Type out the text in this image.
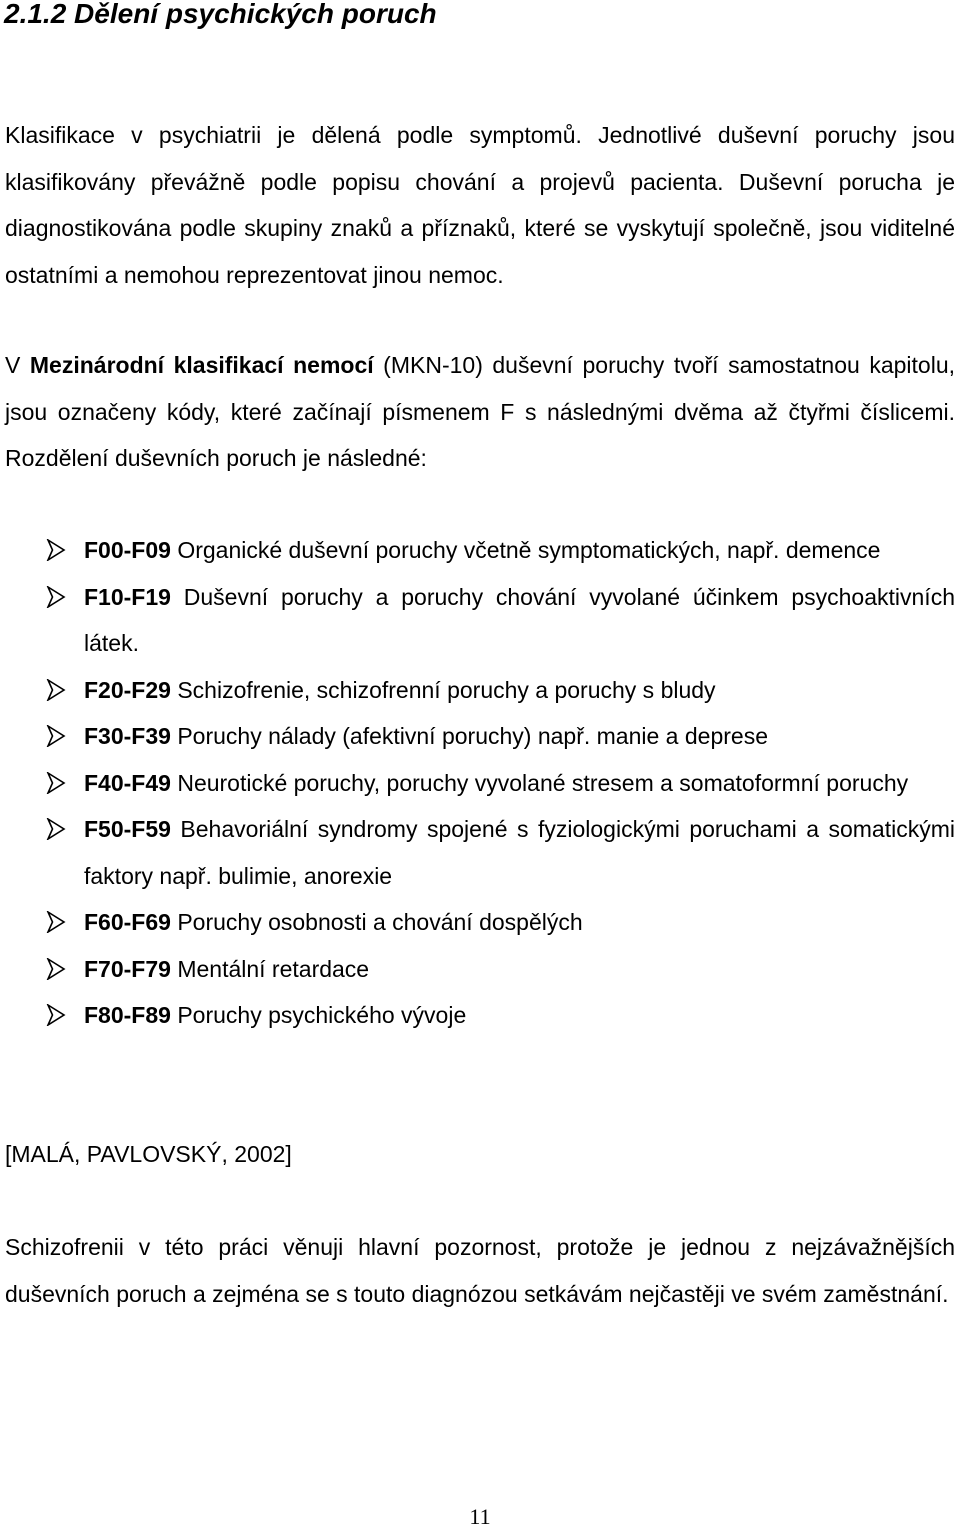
2.1.2 Dělení psychických poruch

Klasifikace v psychiatrii je dělená podle symptomů. Jednotlivé duševní poruchy jsou klasifikovány převážně podle popisu chování a projevů pacienta. Duševní porucha je diagnostikována podle skupiny znaků a příznaků, které se vyskytují společně, jsou viditelné ostatními a nemohou reprezentovat jinou nemoc.

V Mezinárodní klasifikací nemocí (MKN-10) duševní poruchy tvoří samostatnou kapitolu, jsou označeny kódy, které začínají písmenem F s následnými dvěma až čtyřmi číslicemi. Rozdělení duševních poruch je následné:

F00-F09 Organické duševní poruchy včetně symptomatických, např. demence
F10-F19 Duševní poruchy a poruchy chování vyvolané účinkem psychoaktivních látek.
F20-F29 Schizofrenie, schizofrenní poruchy a poruchy s bludy
F30-F39 Poruchy nálady (afektivní poruchy) např. manie a deprese
F40-F49 Neurotické poruchy, poruchy vyvolané stresem a somatoformní poruchy
F50-F59 Behavoriální syndromy spojené s fyziologickými poruchami a somatickými faktory např. bulimie, anorexie
F60-F69 Poruchy osobnosti a chování dospělých
F70-F79 Mentální retardace
F80-F89 Poruchy psychického vývoje

[MALÁ, PAVLOVSKÝ, 2002]

Schizofrenii v této práci věnuji hlavní pozornost, protože je jednou z nejzávažnějších duševních poruch a zejména se s touto diagnózou setkávám nejčastěji ve svém zaměstnání.

11
